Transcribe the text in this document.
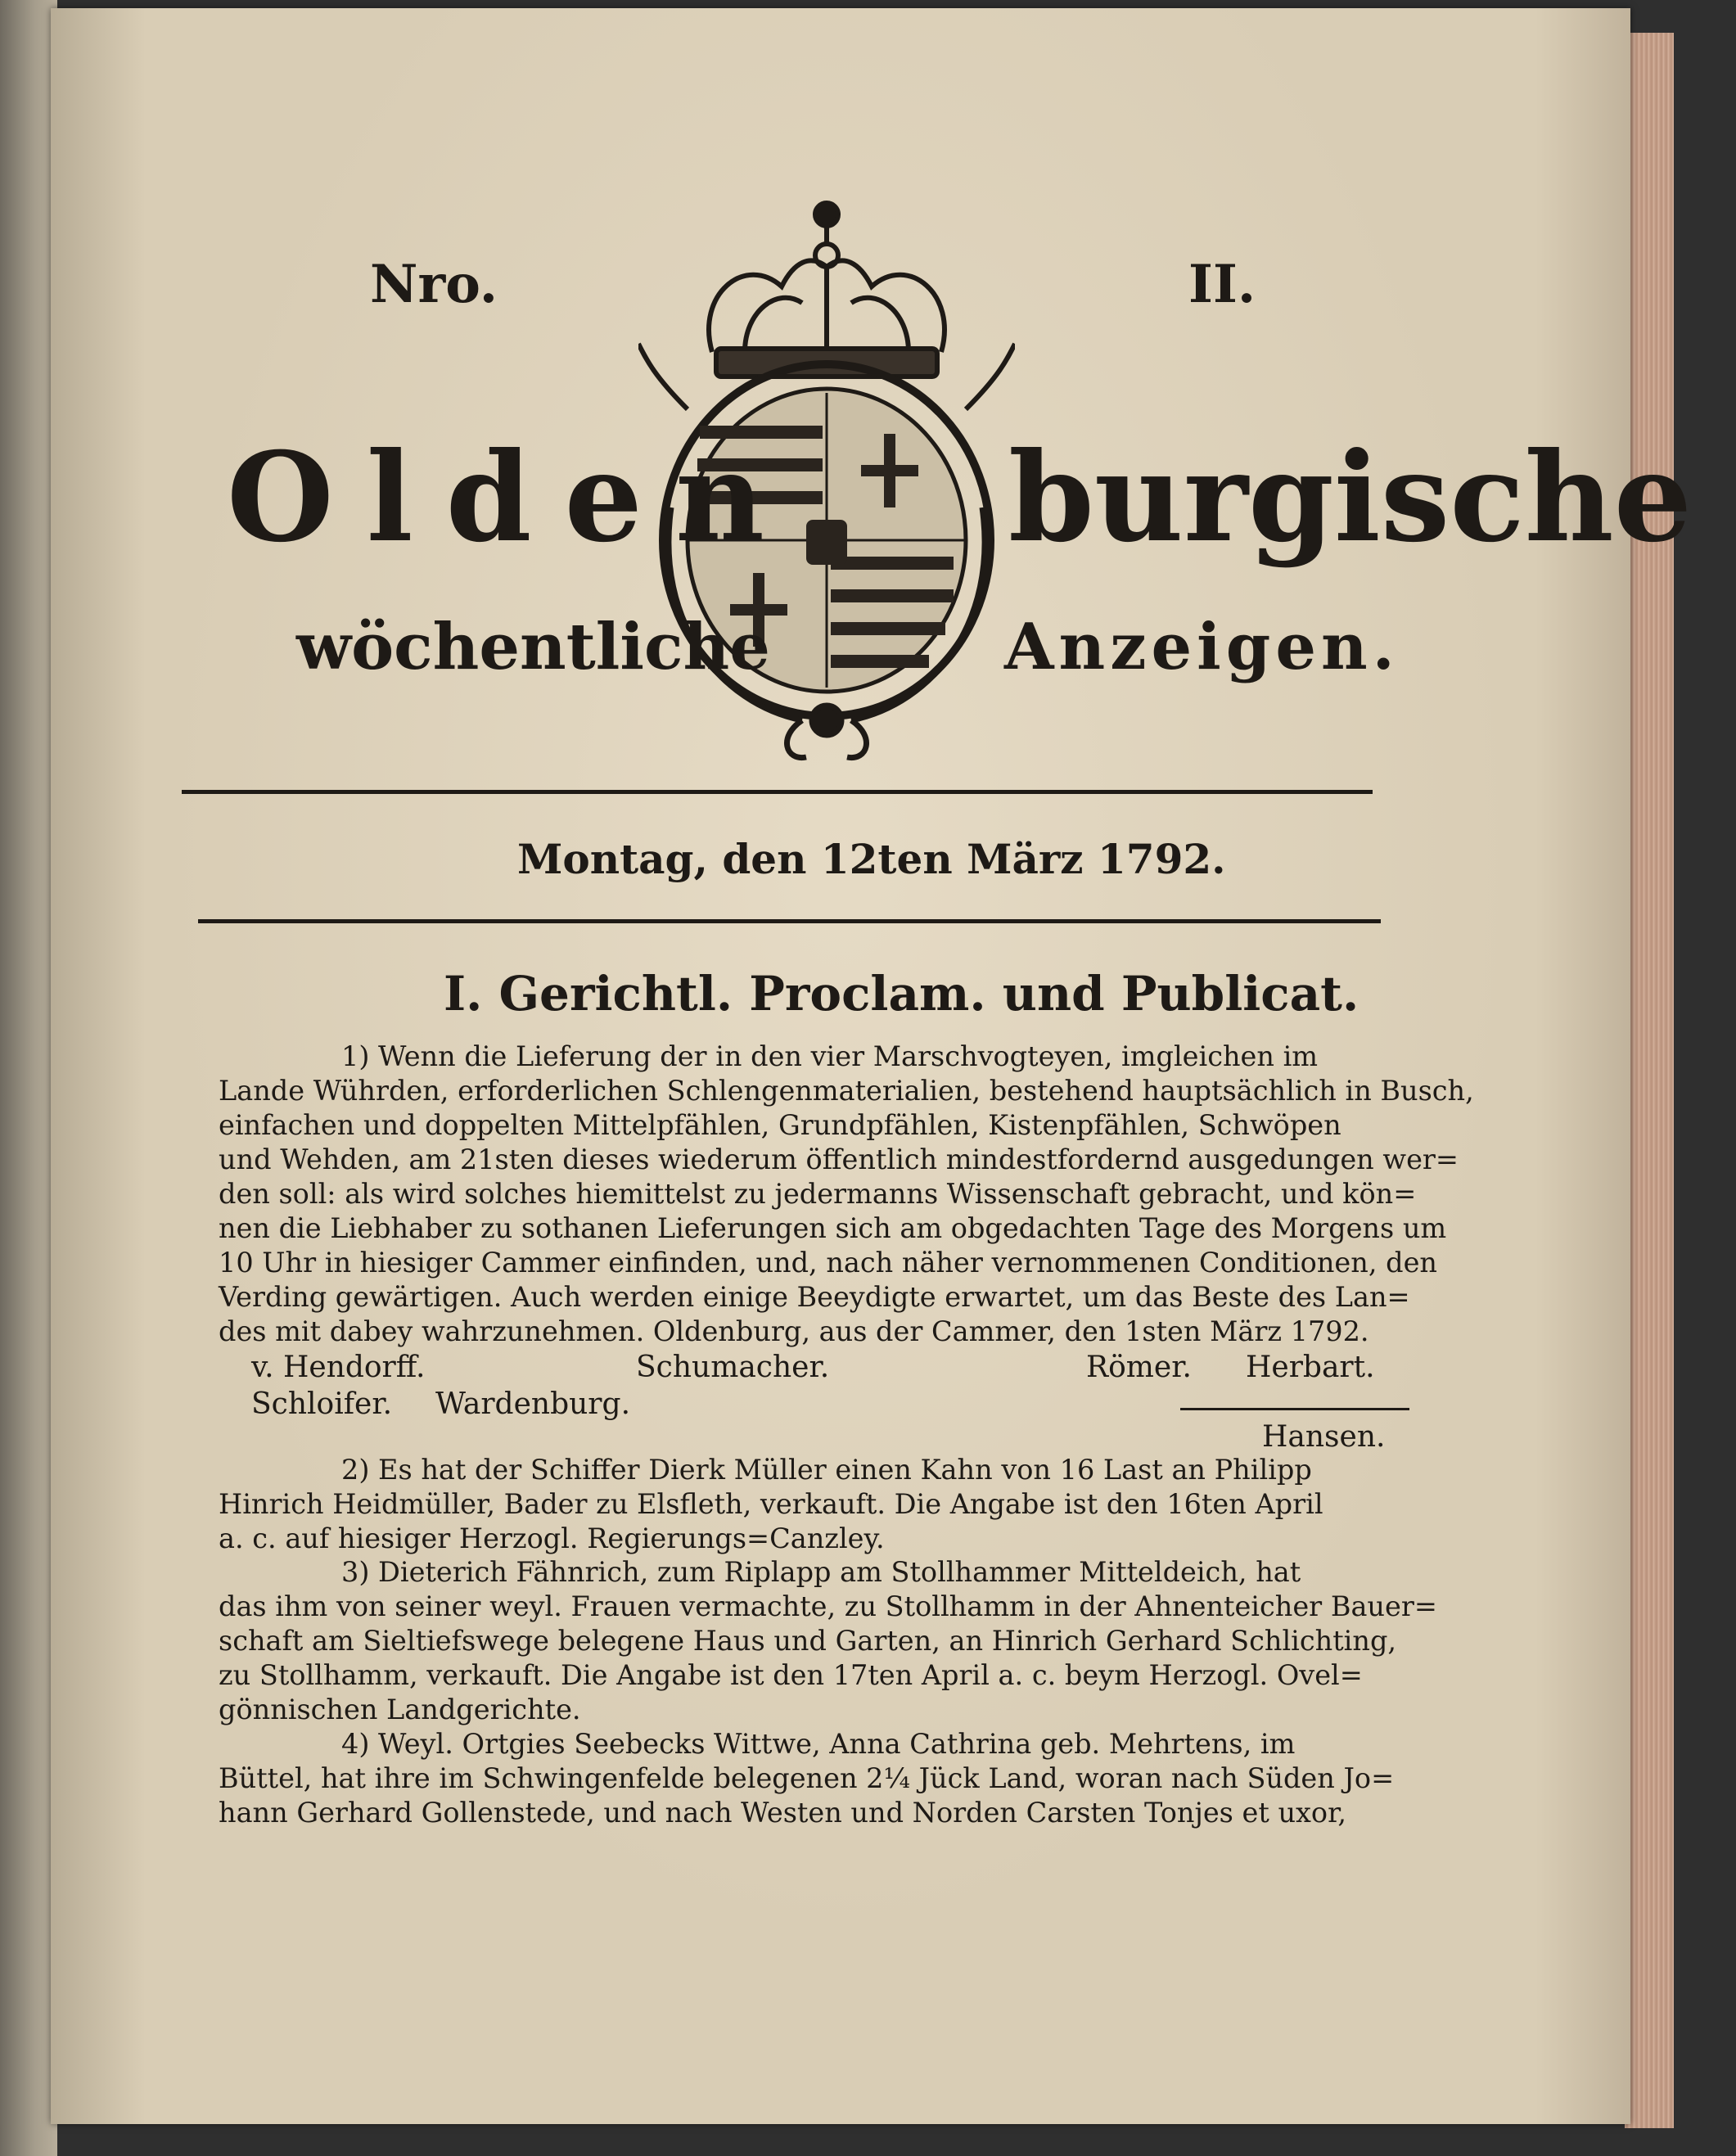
Nro.	II.
Olden burgische
wöchentliche	Anzeigen.
Montag, den 12ten März 1792.
I. Gerichtl. Proclam. und Publicat.
1) Wenn die Lieferung der in den vier Marschvogteyen, imgleichen im
Lande Wührden, erforderlichen Schlengenmaterialien, bestehend hauptsächlich in Busch,
einfachen und doppelten Mittelpfählen, Grundpfählen, Kistenpfählen, Schwöpen
und Wehden, am 21sten dieses wiederum öffentlich mindestfordernd ausgedungen wer=
den soll: als wird solches hiemittelst zu jedermanns Wissenschaft gebracht, und kön=
nen die Liebhaber zu sothanen Lieferungen sich am obgedachten Tage des Morgens um
10 Uhr in hiesiger Cammer einfinden, und, nach näher vernommenen Conditionen, den
Verding gewärtigen. Auch werden einige Beeydigte erwartet, um das Beste des Lan=
des mit dabey wahrzunehmen. Oldenburg, aus der Cammer, den 1sten März 1792.
v. Hendorff.	Schumacher.	Römer. Herbart.
Schloifer. Wardenburg.
Hansen.
2) Es hat der Schiffer Dierk Müller einen Kahn von 16 Last an Philipp
Hinrich Heidmüller, Bader zu Elsfleth, verkauft. Die Angabe ist den 16ten April
a. c. auf hiesiger Herzogl. Regierungs=Canzley.
3) Dieterich Fähnrich, zum Riplapp am Stollhammer Mitteldeich, hat
das ihm von seiner weyl. Frauen vermachte, zu Stollhamm in der Ahnenteicher Bauer=
schaft am Sieltiefswege belegene Haus und Garten, an Hinrich Gerhard Schlichting,
zu Stollhamm, verkauft. Die Angabe ist den 17ten April a. c. beym Herzogl. Ovel=
gönnischen Landgerichte.
4) Weyl. Ortgies Seebecks Wittwe, Anna Cathrina geb. Mehrtens, im
Büttel, hat ihre im Schwingenfelde belegenen 2¼ Jück Land, woran nach Süden Jo=
hann Gerhard Gollenstede, und nach Westen und Norden Carsten Tonjes et uxor,
